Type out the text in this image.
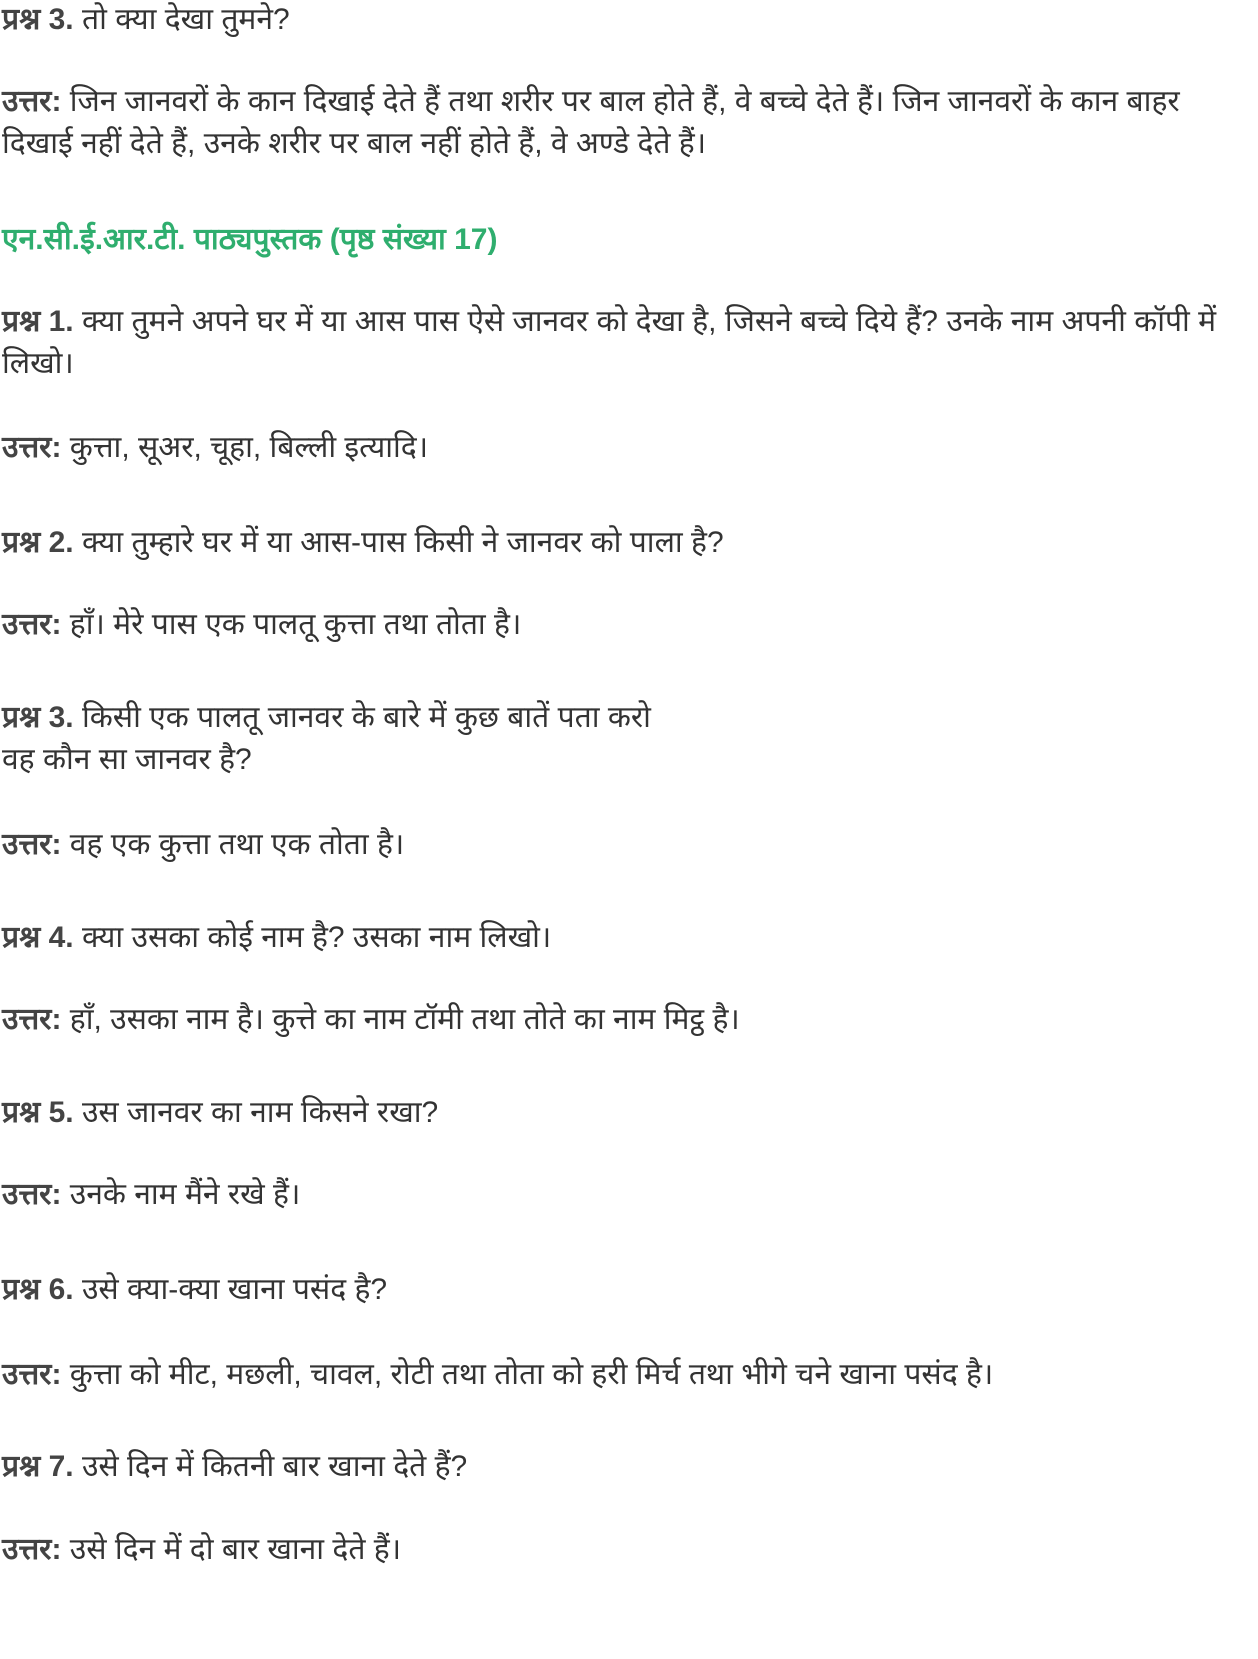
प्रश्न 3. तो क्या देखा तुमने?
उत्तर: जिन जानवरों के कान दिखाई देते हैं तथा शरीर पर बाल होते हैं, वे बच्चे देते हैं। जिन जानवरों के कान बाहर दिखाई नहीं देते हैं, उनके शरीर पर बाल नहीं होते हैं, वे अण्डे देते हैं।
एन.सी.ई.आर.टी. पाठ्यपुस्तक (पृष्ठ संख्या 17)
प्रश्न 1. क्या तुमने अपने घर में या आस पास ऐसे जानवर को देखा है, जिसने बच्चे दिये हैं? उनके नाम अपनी कॉपी में लिखो।
उत्तर: कुत्ता, सूअर, चूहा, बिल्ली इत्यादि।
प्रश्न 2. क्या तुम्हारे घर में या आस-पास किसी ने जानवर को पाला है?
उत्तर: हाँ। मेरे पास एक पालतू कुत्ता तथा तोता है।
प्रश्न 3. किसी एक पालतू जानवर के बारे में कुछ बातें पता करो
वह कौन सा जानवर है?
उत्तर: वह एक कुत्ता तथा एक तोता है।
प्रश्न 4. क्या उसका कोई नाम है? उसका नाम लिखो।
उत्तर: हाँ, उसका नाम है। कुत्ते का नाम टॉमी तथा तोते का नाम मिट्ठ है।
प्रश्न 5. उस जानवर का नाम किसने रखा?
उत्तर: उनके नाम मैंने रखे हैं।
प्रश्न 6. उसे क्या-क्या खाना पसंद है?
उत्तर: कुत्ता को मीट, मछली, चावल, रोटी तथा तोता को हरी मिर्च तथा भीगे चने खाना पसंद है।
प्रश्न 7. उसे दिन में कितनी बार खाना देते हैं?
उत्तर: उसे दिन में दो बार खाना देते हैं।
